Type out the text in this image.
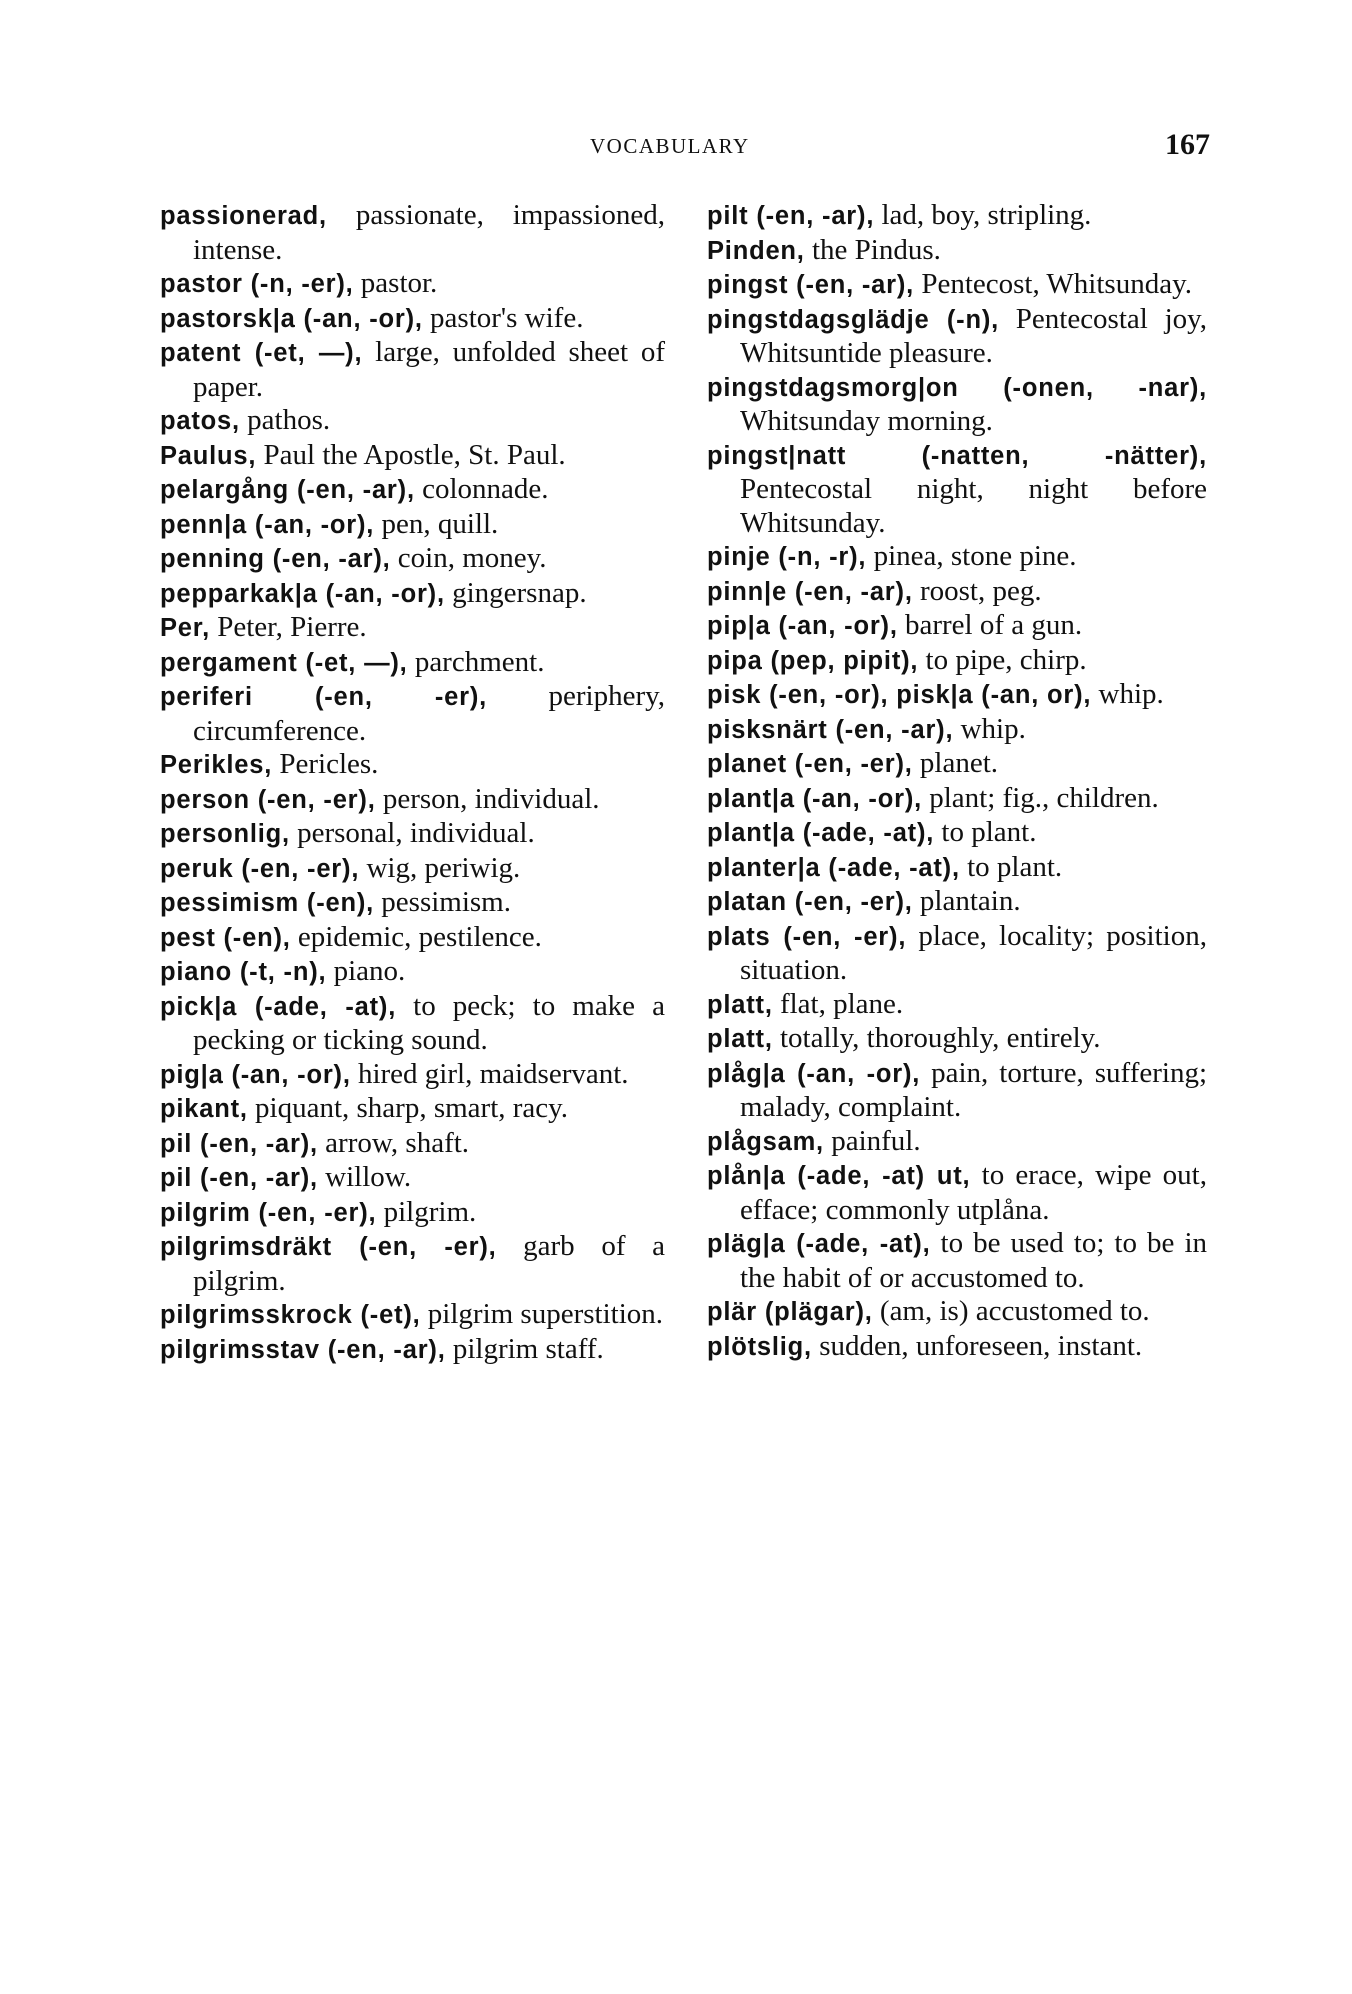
VOCABULARY	167

passionerad, passionate, impassioned, intense.

pastor (-n, -er), pastor.

pastorsk|a (-an, -or), pastor's wife.

patent (-et, —), large, unfolded sheet of paper.

patos, pathos.

Paulus, Paul the Apostle, St. Paul.

pelargång (-en, -ar), colonnade.

penn|a (-an, -or), pen, quill.

penning (-en, -ar), coin, money.

pepparkak|a (-an, -or), gingersnap.

Per, Peter, Pierre.

pergament (-et, —), parchment.

periferi (-en, -er), periphery, circumference.

Perikles, Pericles.

person (-en, -er), person, individual.

personlig, personal, individual.

peruk (-en, -er), wig, periwig.

pessimism (-en), pessimism.

pest (-en), epidemic, pestilence.

piano (-t, -n), piano.

pick|a (-ade, -at), to peck; to make a pecking or ticking sound.

pig|a (-an, -or), hired girl, maidservant.

pikant, piquant, sharp, smart, racy.

pil (-en, -ar), arrow, shaft.

pil (-en, -ar), willow.

pilgrim (-en, -er), pilgrim.

pilgrimsdräkt (-en, -er), garb of a pilgrim.

pilgrimsskrock (-et), pilgrim superstition.

pilgrimsstav (-en, -ar), pilgrim staff.

pilt (-en, -ar), lad, boy, stripling.

Pinden, the Pindus.

pingst (-en, -ar), Pentecost, Whitsunday.

pingstdagsglädje (-n), Pentecostal joy, Whitsuntide pleasure.

pingstdagsmorg|on (-onen, -nar), Whitsunday morning.

pingst|natt (-natten, -nätter), Pentecostal night, night before Whitsunday.

pinje (-n, -r), pinea, stone pine.

pinn|e (-en, -ar), roost, peg.

pip|a (-an, -or), barrel of a gun.

pipa (pep, pipit), to pipe, chirp.

pisk (-en, -or), pisk|a (-an, or), whip.

pisksnärt (-en, -ar), whip.

planet (-en, -er), planet.

plant|a (-an, -or), plant; fig., children.

plant|a (-ade, -at), to plant.

planter|a (-ade, -at), to plant.

platan (-en, -er), plantain.

plats (-en, -er), place, locality; position, situation.

platt, flat, plane.

platt, totally, thoroughly, entirely.

plåg|a (-an, -or), pain, torture, suffering; malady, complaint.

plågsam, painful.

plån|a (-ade, -at) ut, to erace, wipe out, efface; commonly utplåna.

pläg|a (-ade, -at), to be used to; to be in the habit of or accustomed to.

plär (plägar), (am, is) accustomed to.

plötslig, sudden, unforeseen, instant.
